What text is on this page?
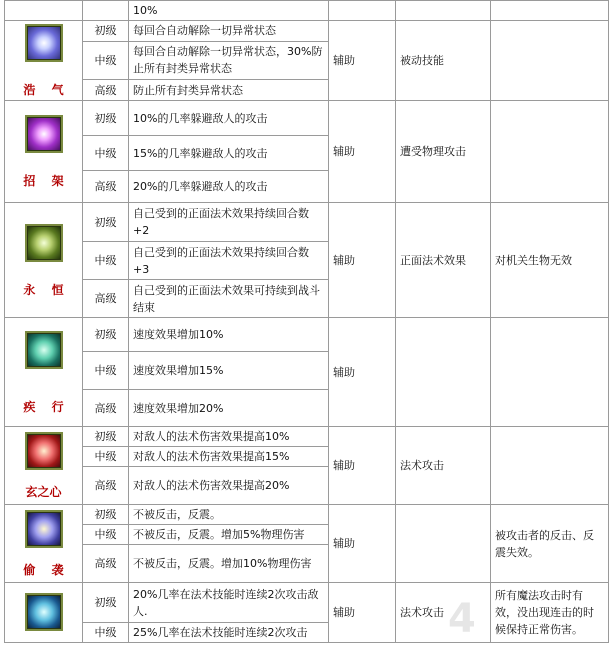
		10%			

浩 气	初级	每回合自动解除一切异常状态	辅助	被动技能	
	中级	每回合自动解除一切异常状态，30%防止所有封类异常状态			
	高级	防止所有封类异常状态			

招 架	初级	10%的几率躲避敌人的攻击	辅助	遭受物理攻击	
	中级	15%的几率躲避敌人的攻击			
	高级	20%的几率躲避敌人的攻击			

永 恒	初级	自己受到的正面法术效果持续回合数+2	辅助	正面法术效果	对机关生物无效
	中级	自己受到的正面法术效果持续回合数+3			
	高级	自己受到的正面法术效果可持续到战斗结束			

疾 行	初级	速度效果增加10%	辅助		
	中级	速度效果增加15%			
	高级	速度效果增加20%			

玄之心	初级	对敌人的法术伤害效果提高10%	辅助	法术攻击	
	中级	对敌人的法术伤害效果提高15%			
	高级	对敌人的法术伤害效果提高20%			

偷 袭	初级	不被反击，反震。	辅助		被攻击者的反击、反震失效。
	中级	不被反击，反震。增加5%物理伤害			
	高级	不被反击，反震。增加10%物理伤害			

	初级	20%几率在法术技能时连续2次攻击敌人.	辅助	法术攻击	所有魔法攻击时有效，没出现连击的时候保持正常伤害。
	中级	25%几率在法术技能时连续2次攻击				4
